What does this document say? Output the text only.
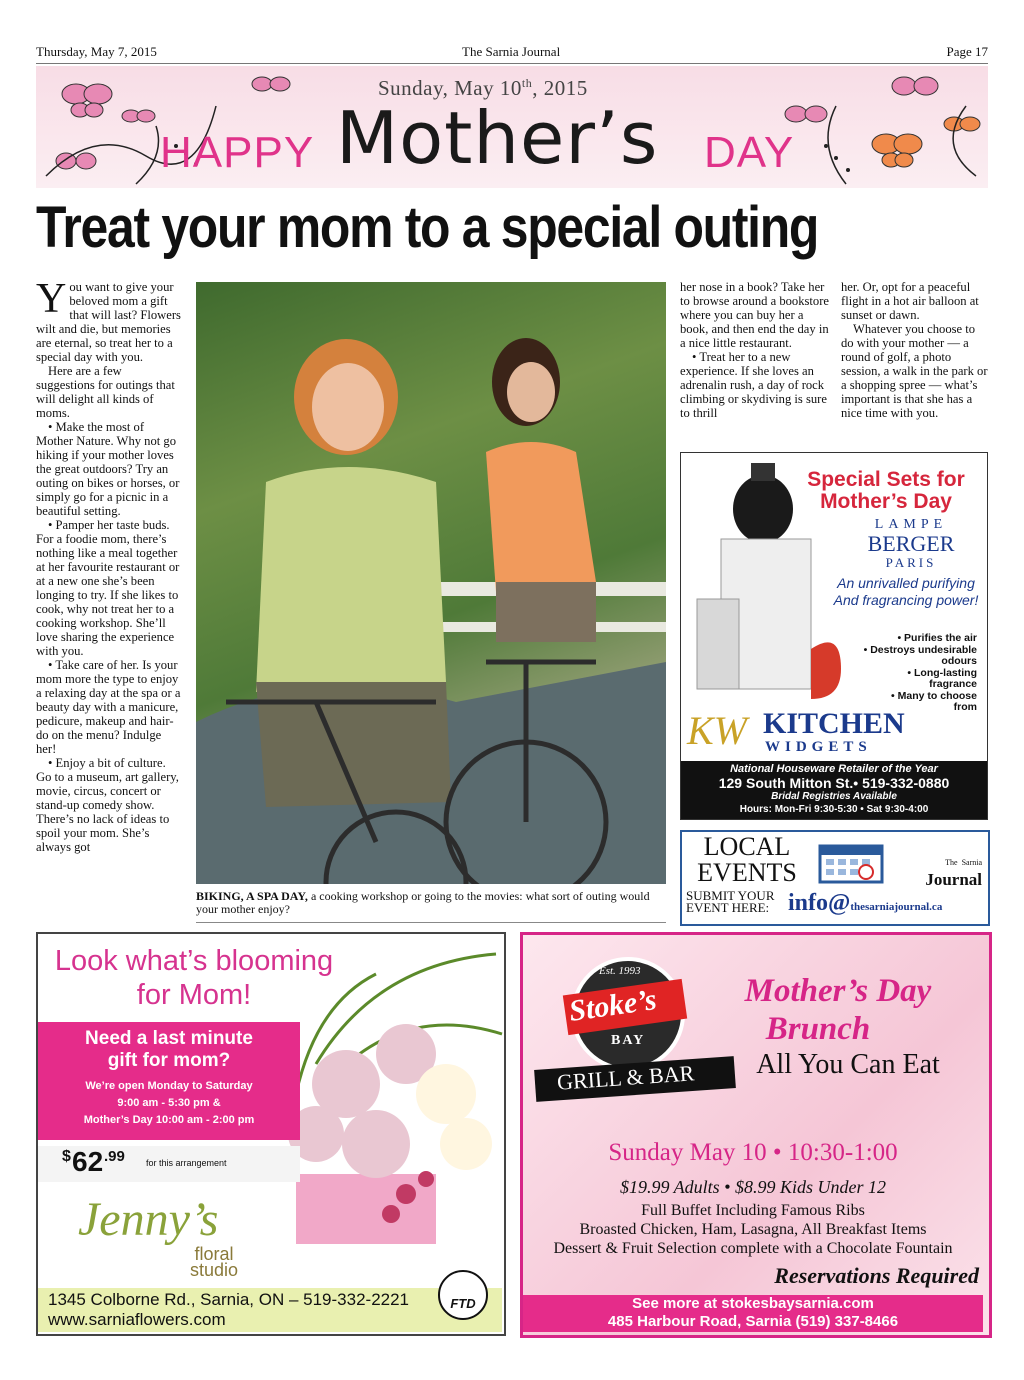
Thursday, May 7, 2015	The Sarnia Journal	Page 17
Sunday, May 10th, 2015
HAPPY Mother’s DAY
Treat your mom to a special outing
Y ou want to give your beloved mom a gift that will last? Flowers wilt and die, but memories are eternal, so treat her to a special day with you.

Here are a few suggestions for outings that will delight all kinds of moms.

• Make the most of Mother Nature. Why not go hiking if your mother loves the great outdoors? Try an outing on bikes or horses, or simply go for a picnic in a beautiful setting.

• Pamper her taste buds. For a foodie mom, there’s nothing like a meal together at her favourite restaurant or at a new one she’s been longing to try. If she likes to cook, why not treat her to a cooking workshop. She’ll love sharing the experience with you.

• Take care of her. Is your mom more the type to enjoy a relaxing day at the spa or a beauty day with a manicure, pedicure, makeup and hair-do on the menu? Indulge her!

• Enjoy a bit of culture. Go to a museum, art gallery, movie, circus, concert or stand-up comedy show. There’s no lack of ideas to spoil your mom. She’s always got

BIKING, A SPA DAY, a cooking workshop or going to the movies: what sort of outing would your mother enjoy?

her nose in a book? Take her to browse around a bookstore where you can buy her a book, and then end the day in a nice little restaurant.

• Treat her to a new experience. If she loves an adrenalin rush, a day of rock climbing or skydiving is sure to thrill

her. Or, opt for a peaceful flight in a hot air balloon at sunset or dawn.

Whatever you choose to do with your mother — a round of golf, a photo session, a walk in the park or a shopping spree — what’s important is that she has a nice time with you.

Special Sets for
Mother’s Day
LAMPE
BERGER
PARIS
An unrivalled purifying
And fragrancing power!
• Purifies the air
• Destroys undesirable
odours
• Long-lasting
fragrance
• Many to choose
from
KW KITCHEN
WIDGETS
National Houseware Retailer of the Year
129 South Mitton St.• 519-332-0880
Bridal Registries Available
Hours: Mon-Fri 9:30-5:30 • Sat 9:30-4:00
LOCAL
EVENTS	The Sarnia Journal
SUBMIT YOUR
EVENT HERE: info@thesarniajournal.ca
Look what’s blooming
for Mom!
Need a last minute
gift for mom?
We’re open Monday to Saturday
9:00 am - 5:30 pm &
Mother’s Day 10:00 am - 2:00 pm
$ 62 .99 for this arrangement
Jenny’s
floral
studio
1345 Colborne Rd., Sarnia, ON – 519-332-2221
www.sarniaflowers.com
FTD
Est. 1993
Stoke’s
BAY
GRILL & BAR
Mother’s Day
Brunch
All You Can Eat
Sunday May 10 • 10:30-1:00
$19.99 Adults • $8.99 Kids Under 12
Full Buffet Including Famous Ribs
Broasted Chicken, Ham, Lasagna, All Breakfast Items
Dessert & Fruit Selection complete with a Chocolate Fountain
Reservations Required
See more at stokesbaysarnia.com
485 Harbour Road, Sarnia (519) 337-8466
